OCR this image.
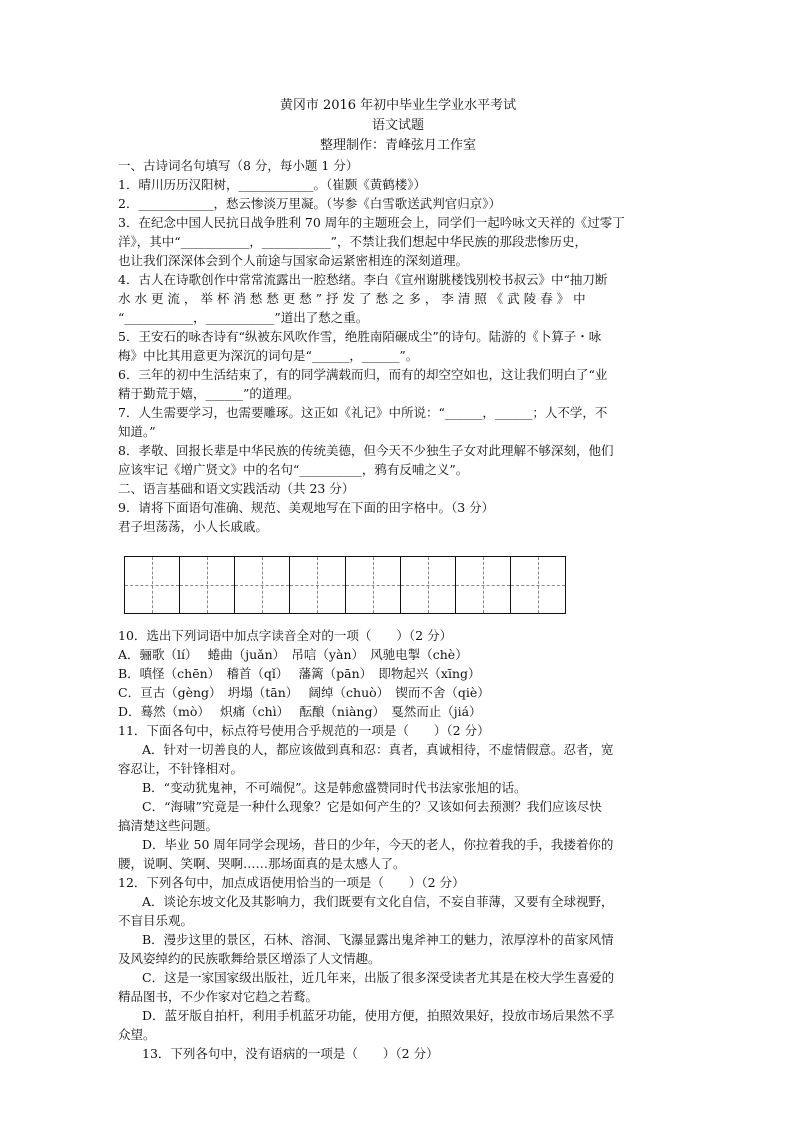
黄冈市 2016 年初中毕业生学业水平考试
语文试题
整理制作：青峰弦月工作室
一、古诗词名句填写（8 分，每小题 1 分）
1．晴川历历汉阳树，____________。（崔颢《黄鹤楼》）
2．____________，愁云惨淡万里凝。（岑参《白雪歌送武判官归京》）
3．在纪念中国人民抗日战争胜利 70 周年的主题班会上，同学们一起吟咏文天祥的《过零丁
洋》，其中“___________，___________”，不禁让我们想起中华民族的那段悲惨历史，
也让我们深深体会到个人前途与国家命运紧密相连的深刻道理。
4．古人在诗歌创作中常常流露出一腔愁绪。李白《宣州谢朓楼饯别校书叔云》中“抽刀断
水 水 更 流 ， 举 杯 消 愁 愁 更 愁 ” 抒 发 了 愁 之 多 ， 李 清 照 《 武 陵 春 》 中
“___________，___________”道出了愁之重。
5．王安石的咏杏诗有“纵被东风吹作雪，绝胜南陌碾成尘”的诗句。陆游的《卜算子・咏
梅》中比其用意更为深沉的词句是“______，______”。
6．三年的初中生活结束了，有的同学满载而归，而有的却空空如也，这让我们明白了“业
精于勤荒于嬉，______”的道理。
7．人生需要学习，也需要雕琢。这正如《礼记》中所说：“______，______；人不学，不
知道。”
8．孝敬、回报长辈是中华民族的传统美德，但今天不少独生子女对此理解不够深刻，他们
应该牢记《增广贤文》中的名句“__________，鸦有反哺之义”。
二、语言基础和语文实践活动（共 23 分）
9．请将下面语句准确、规范、美观地写在下面的田字格中。（3 分）
君子坦荡荡，小人长戚戚。
10．选出下列词语中加点字读音全对的一项（　　）（2 分）
A．骊歌（lí）　 蜷曲（juǎn）　吊唁（yàn）　风驰电掣（chè）
B．嗔怪（chēn）　稽首（qǐ）　 藩篱（pān）　即物起兴（xīng）
C．亘古（gèng）　坍塌（tān）　 阔绰（chuò）　锲而不舍（qiè）
D．蓦然（mò）　 炽痛（chì）　 酝酿（niàng）　戛然而止（jiá）
11．下面各句中，标点符号使用合乎规范的一项是（　　）（2 分）
A．针对一切善良的人，都应该做到真和忍：真者，真诚相待，不虚情假意。忍者，宽
容忍让，不针锋相对。
B．“变动犹鬼神，不可端倪”。这是韩愈盛赞同时代书法家张旭的话。
C．“海啸”究竟是一种什么现象？它是如何产生的？又该如何去预测？我们应该尽快
搞清楚这些问题。
D．毕业 50 周年同学会现场，昔日的少年，今天的老人，你拉着我的手，我搂着你的
腰，说啊、笑啊、哭啊……那场面真的是太感人了。
12．下列各句中，加点成语使用恰当的一项是（　　）（2 分）
A．谈论东坡文化及其影响力，我们既要有文化自信，不妄自菲薄，又要有全球视野，
不盲目乐观。
B．漫步这里的景区，石林、溶洞、飞瀑显露出鬼斧神工的魅力，浓厚淳朴的苗家风情
及风姿绰约的民族歌舞给景区增添了人文情趣。
C．这是一家国家级出版社，近几年来，出版了很多深受读者尤其是在校大学生喜爱的
精品图书，不少作家对它趋之若鹜。
D．蓝牙版自拍杆，利用手机蓝牙功能，使用方便，拍照效果好，投放市场后果然不孚
众望。
13．下列各句中，没有语病的一项是（　　）（2 分）
